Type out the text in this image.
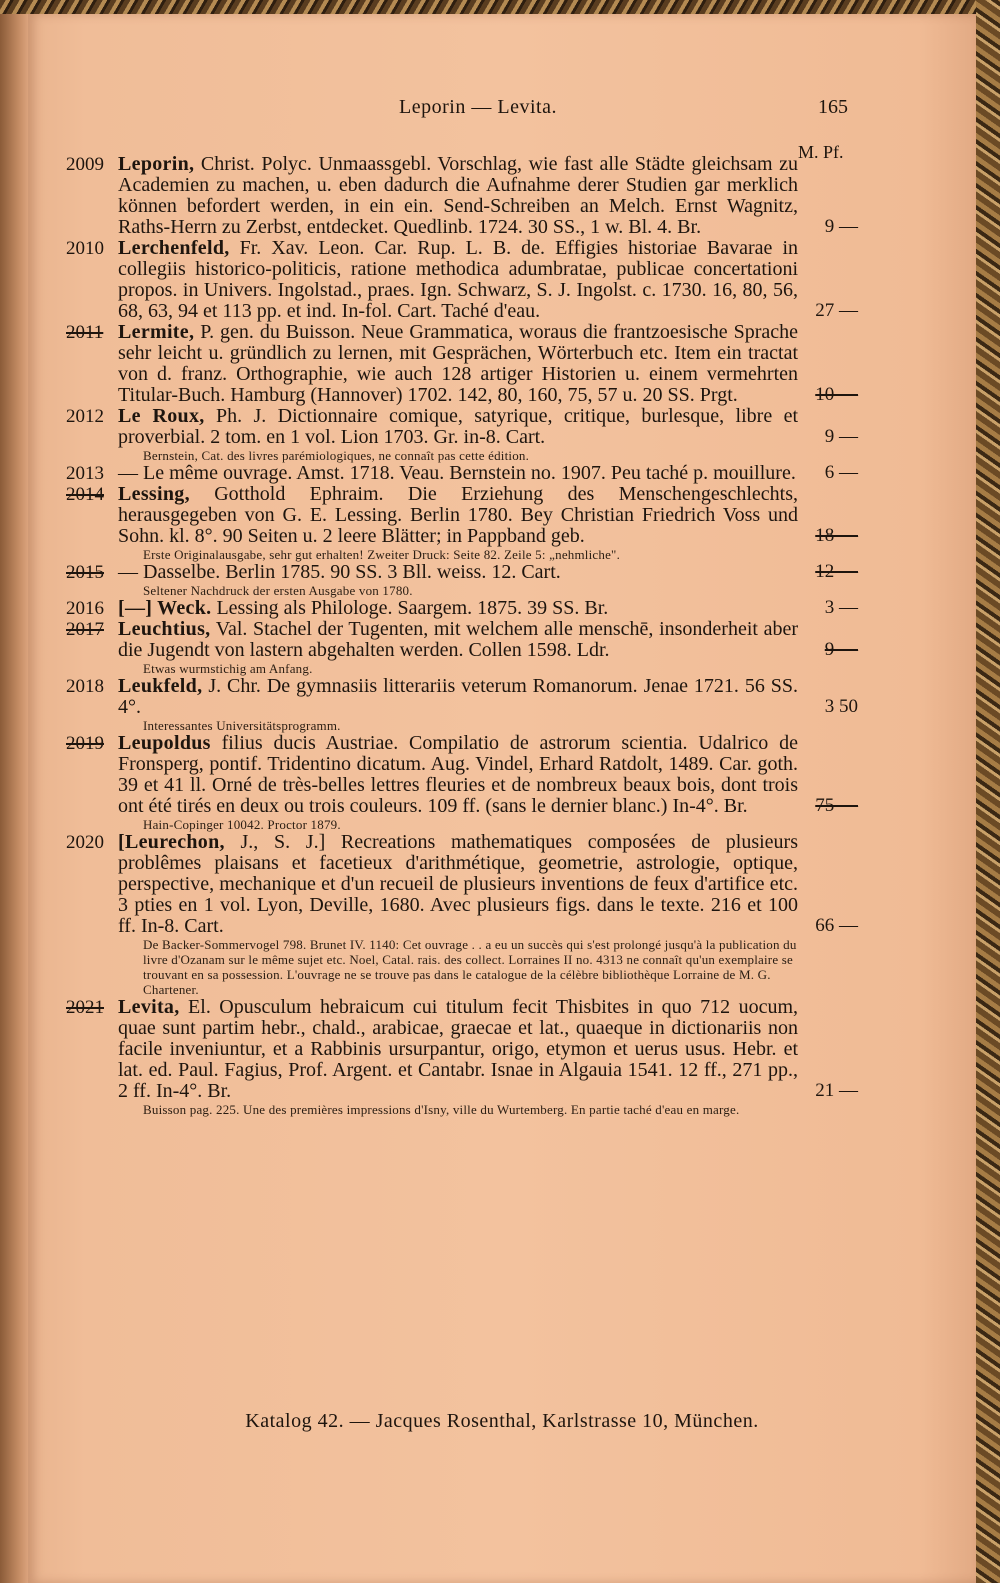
Leporin — Levita.	165
M. Pf.
2009 Leporin, Christ. Polyc. Unmaassgebl. Vorschlag, wie fast alle Städte gleichsam zu Academien zu machen, u. eben dadurch die Aufnahme derer Studien gar merklich können befordert werden, in ein ein. Send-Schreiben an Melch. Ernst Wagnitz, Raths-Herrn zu Zerbst, entdecket. Quedlinb. 1724. 30 SS., 1 w. Bl. 4. Br.	9 —
2010 Lerchenfeld, Fr. Xav. Leon. Car. Rup. L. B. de. Effigies historiae Bavarae in collegiis historico-politicis, ratione methodica adumbratae, publicae concertationi propos. in Univers. Ingolstad., praes. Ign. Schwarz, S. J. Ingolst. c. 1730. 16, 80, 56, 68, 63, 94 et 113 pp. et ind. In-fol. Cart. Taché d'eau.	27 —
2011 Lermite, P. gen. du Buisson. Neue Grammatica, woraus die frantzoesische Sprache sehr leicht u. gründlich zu lernen, mit Gesprächen, Wörterbuch etc. Item ein tractat von d. franz. Orthographie, wie auch 128 artiger Historien u. einem vermehrten Titular-Buch. Hamburg (Hannover) 1702. 142, 80, 160, 75, 57 u. 20 SS. Prgt.	10 —
2012 Le Roux, Ph. J. Dictionnaire comique, satyrique, critique, burlesque, libre et proverbial. 2 tom. en 1 vol. Lion 1703. Gr. in-8. Cart.	9 —
Bernstein, Cat. des livres parémiologiques, ne connaît pas cette édition.
2013 — Le même ouvrage. Amst. 1718. Veau. Bernstein no. 1907. Peu taché p. mouillure.	6 —
2014 Lessing, Gotthold Ephraim. Die Erziehung des Menschengeschlechts, herausgegeben von G. E. Lessing. Berlin 1780. Bey Christian Friedrich Voss und Sohn. kl. 8°. 90 Seiten u. 2 leere Blätter; in Pappband geb.	18 —
Erste Originalausgabe, sehr gut erhalten! Zweiter Druck: Seite 82. Zeile 5: „nehmliche".
2015 — Dasselbe. Berlin 1785. 90 SS. 3 Bll. weiss. 12. Cart.	12 —
Seltener Nachdruck der ersten Ausgabe von 1780.
2016 [—] Weck. Lessing als Philologe. Saargem. 1875. 39 SS. Br.	3 —
2017 Leuchtius, Val. Stachel der Tugenten, mit welchem alle menschē, insonderheit aber die Jugendt von lastern abgehalten werden. Collen 1598. Ldr.	9 —
Etwas wurmstichig am Anfang.
2018 Leukfeld, J. Chr. De gymnasiis litterariis veterum Romanorum. Jenae 1721. 56 SS. 4°.	3 50
Interessantes Universitätsprogramm.
2019 Leupoldus filius ducis Austriae. Compilatio de astrorum scientia. Udalrico de Fronsperg, pontif. Tridentino dicatum. Aug. Vindel, Erhard Ratdolt, 1489. Car. goth. 39 et 41 ll. Orné de très-belles lettres fleuries et de nombreux beaux bois, dont trois ont été tirés en deux ou trois couleurs. 109 ff. (sans le dernier blanc.) In-4°. Br.	75 —
Hain-Copinger 10042. Proctor 1879.
2020 [Leurechon, J., S. J.] Recreations mathematiques composées de plusieurs problêmes plaisans et facetieux d'arithmétique, geometrie, astrologie, optique, perspective, mechanique et d'un recueil de plusieurs inventions de feux d'artifice etc. 3 pties en 1 vol. Lyon, Deville, 1680. Avec plusieurs figs. dans le texte. 216 et 100 ff. In-8. Cart.	66 —
De Backer-Sommervogel 798. Brunet IV. 1140: Cet ouvrage . . a eu un succès qui s'est prolongé jusqu'à la publication du livre d'Ozanam sur le même sujet etc. Noel, Catal. rais. des collect. Lorraines II no. 4313 ne connaît qu'un exemplaire se trouvant en sa possession. L'ouvrage ne se trouve pas dans le catalogue de la célèbre bibliothèque Lorraine de M. G. Chartener.
2021 Levita, El. Opusculum hebraicum cui titulum fecit Thisbites in quo 712 uocum, quae sunt partim hebr., chald., arabicae, graecae et lat., quaeque in dictionariis non facile inveniuntur, et a Rabbinis ursurpantur, origo, etymon et uerus usus. Hebr. et lat. ed. Paul. Fagius, Prof. Argent. et Cantabr. Isnae in Algauia 1541. 12 ff., 271 pp., 2 ff. In-4°. Br.	21 —
Buisson pag. 225. Une des premières impressions d'Isny, ville du Wurtemberg. En partie taché d'eau en marge.
Katalog 42. — Jacques Rosenthal, Karlstrasse 10, München.
